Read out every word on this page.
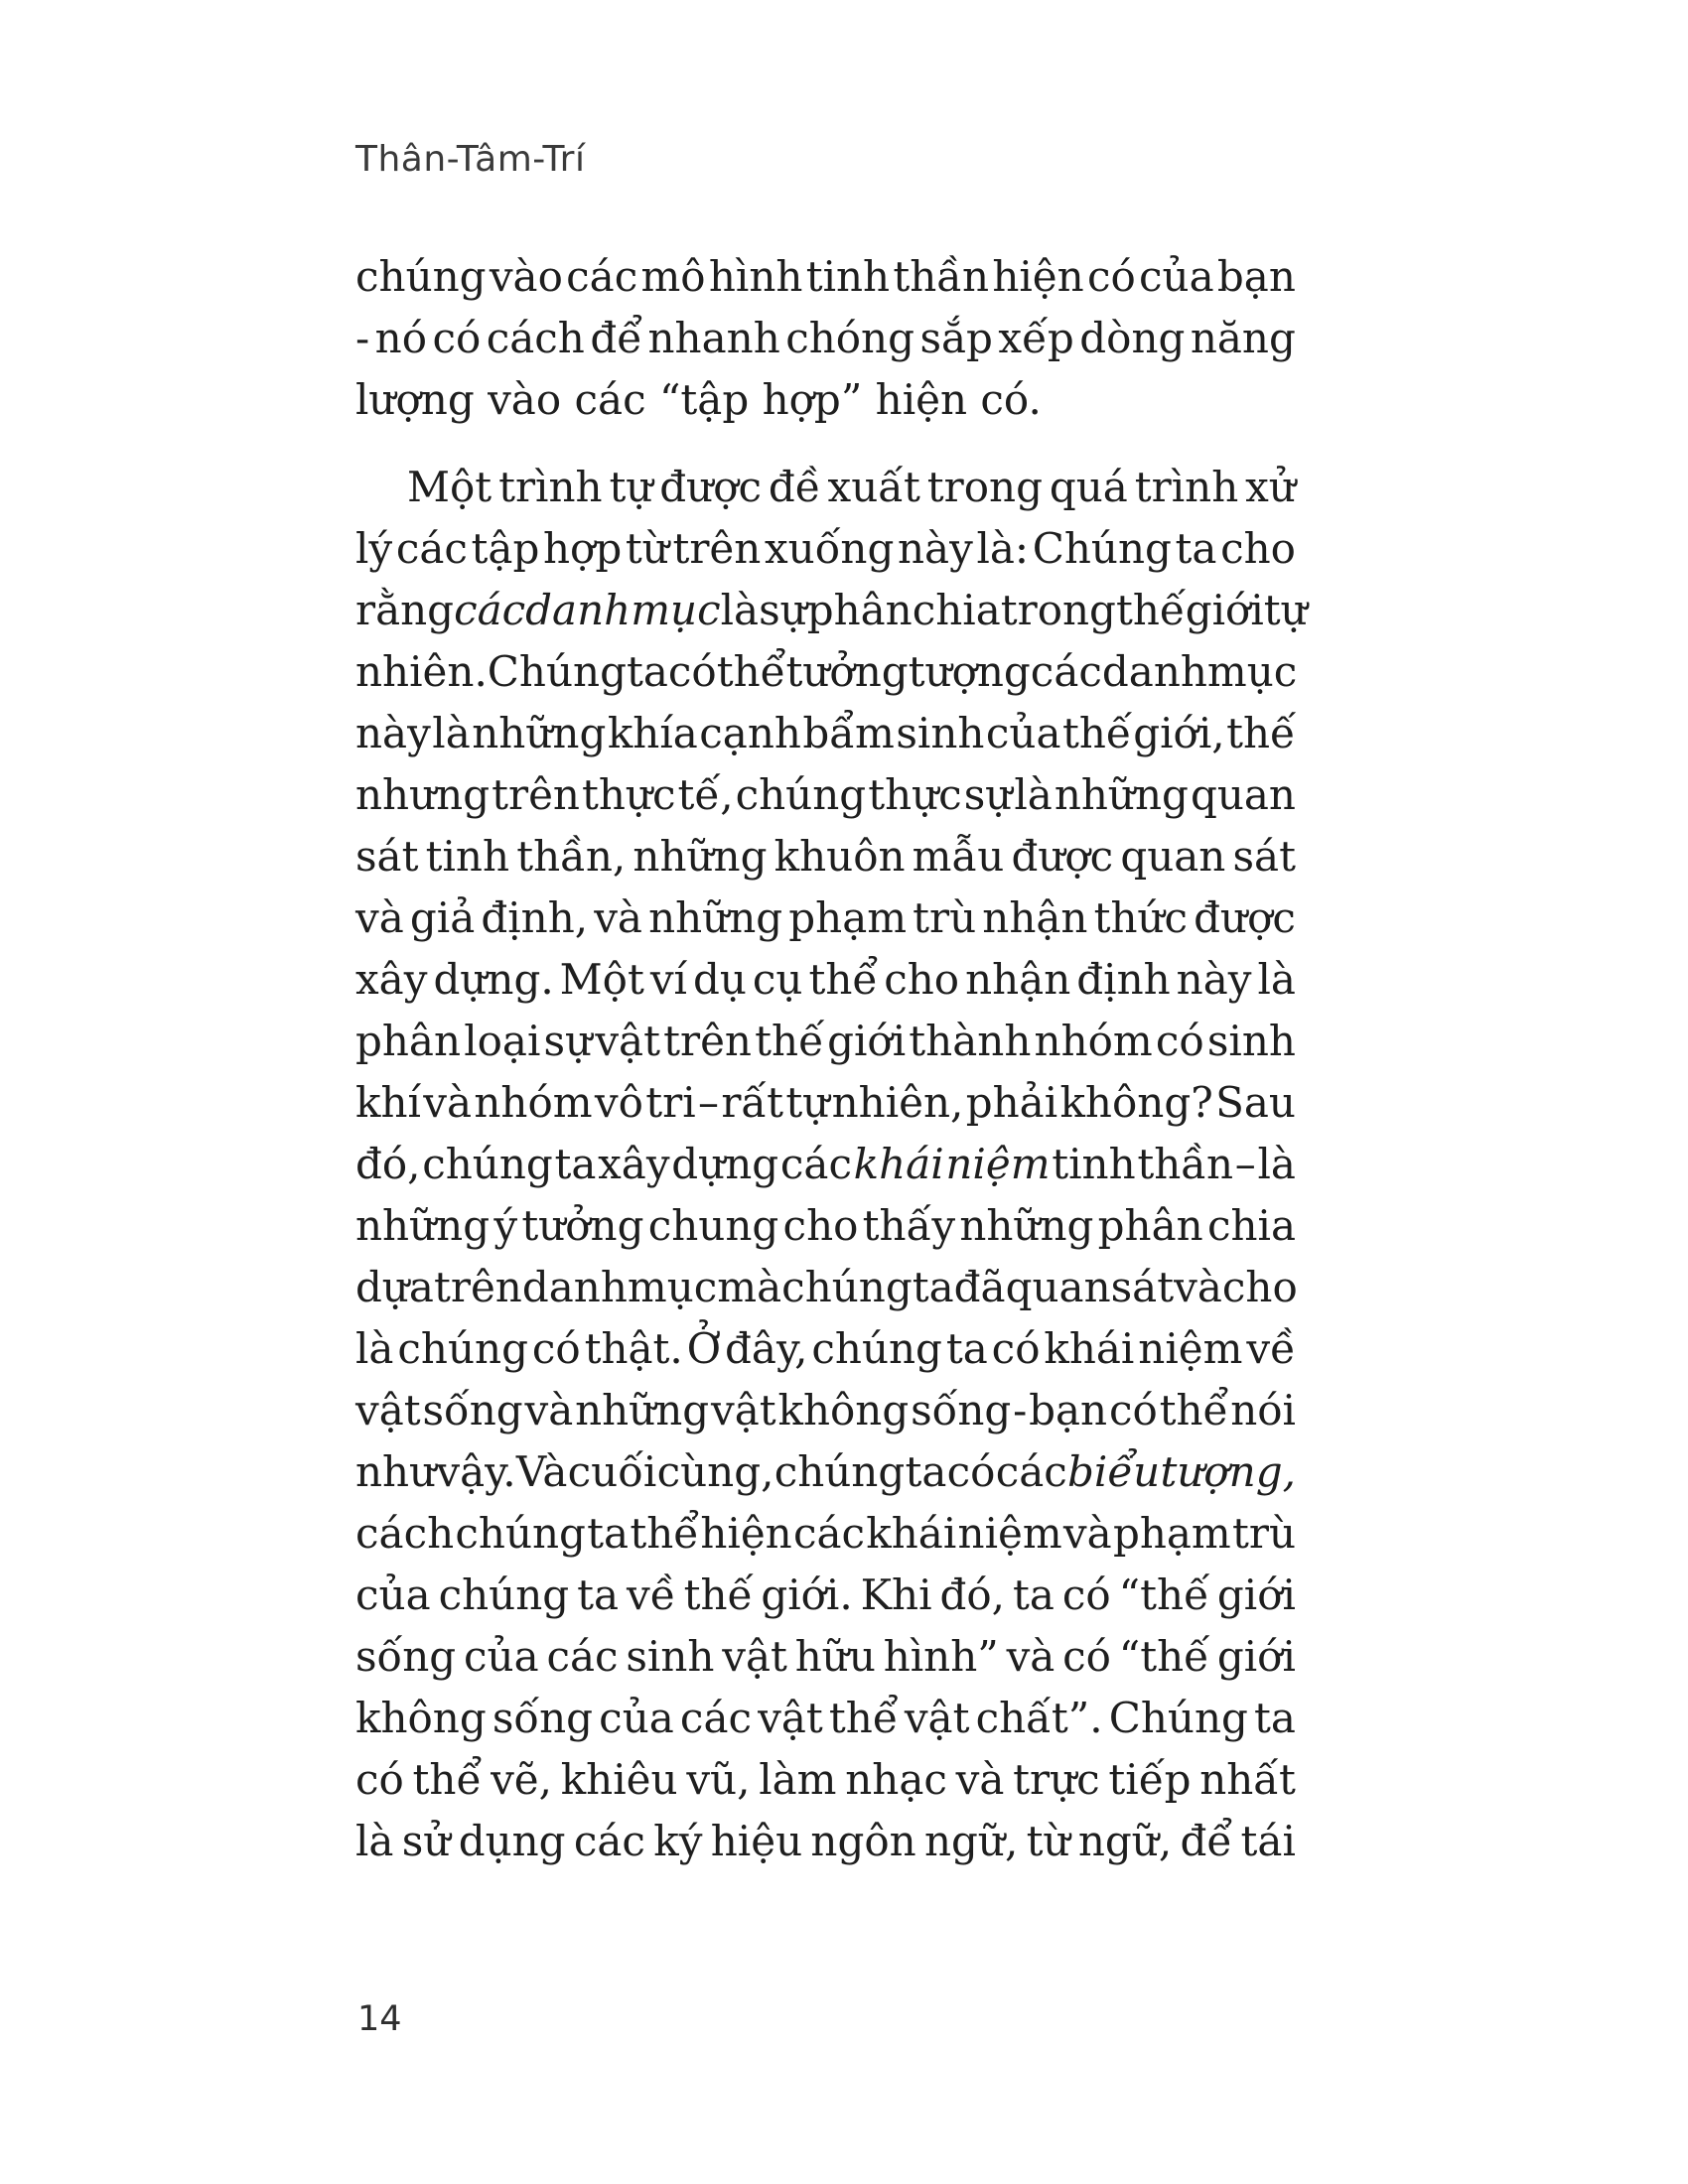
Thân-Tâm-Trí
chúng vào các mô hình tinh thần hiện có của bạn
- nó có cách để nhanh chóng sắp xếp dòng năng
lượng vào các “tập hợp” hiện có.
Một trình tự được đề xuất trong quá trình xử
lý các tập hợp từ trên xuống này là: Chúng ta cho
rằng các danh mục là sự phân chia trong thế giới tự
nhiên. Chúng ta có thể tưởng tượng các danh mục
này là những khía cạnh bẩm sinh của thế giới, thế
nhưng trên thực tế, chúng thực sự là những quan
sát tinh thần, những khuôn mẫu được quan sát
và giả định, và những phạm trù nhận thức được
xây dựng. Một ví dụ cụ thể cho nhận định này là
phân loại sự vật trên thế giới thành nhóm có sinh
khí và nhóm vô tri – rất tự nhiên, phải không? Sau
đó, chúng ta xây dựng các khái niệm tinh thần – là
những ý tưởng chung cho thấy những phân chia
dựa trên danh mục mà chúng ta đã quan sát và cho
là chúng có thật. Ở đây, chúng ta có khái niệm về
vật sống và những vật không sống - bạn có thể nói
như vậy. Và cuối cùng, chúng ta có các biểu tượng,
cách chúng ta thể hiện các khái niệm và phạm trù
của chúng ta về thế giới. Khi đó, ta có “thế giới
sống của các sinh vật hữu hình” và có “thế giới
không sống của các vật thể vật chất”. Chúng ta
có thể vẽ, khiêu vũ, làm nhạc và trực tiếp nhất
là sử dụng các ký hiệu ngôn ngữ, từ ngữ, để tái
14
